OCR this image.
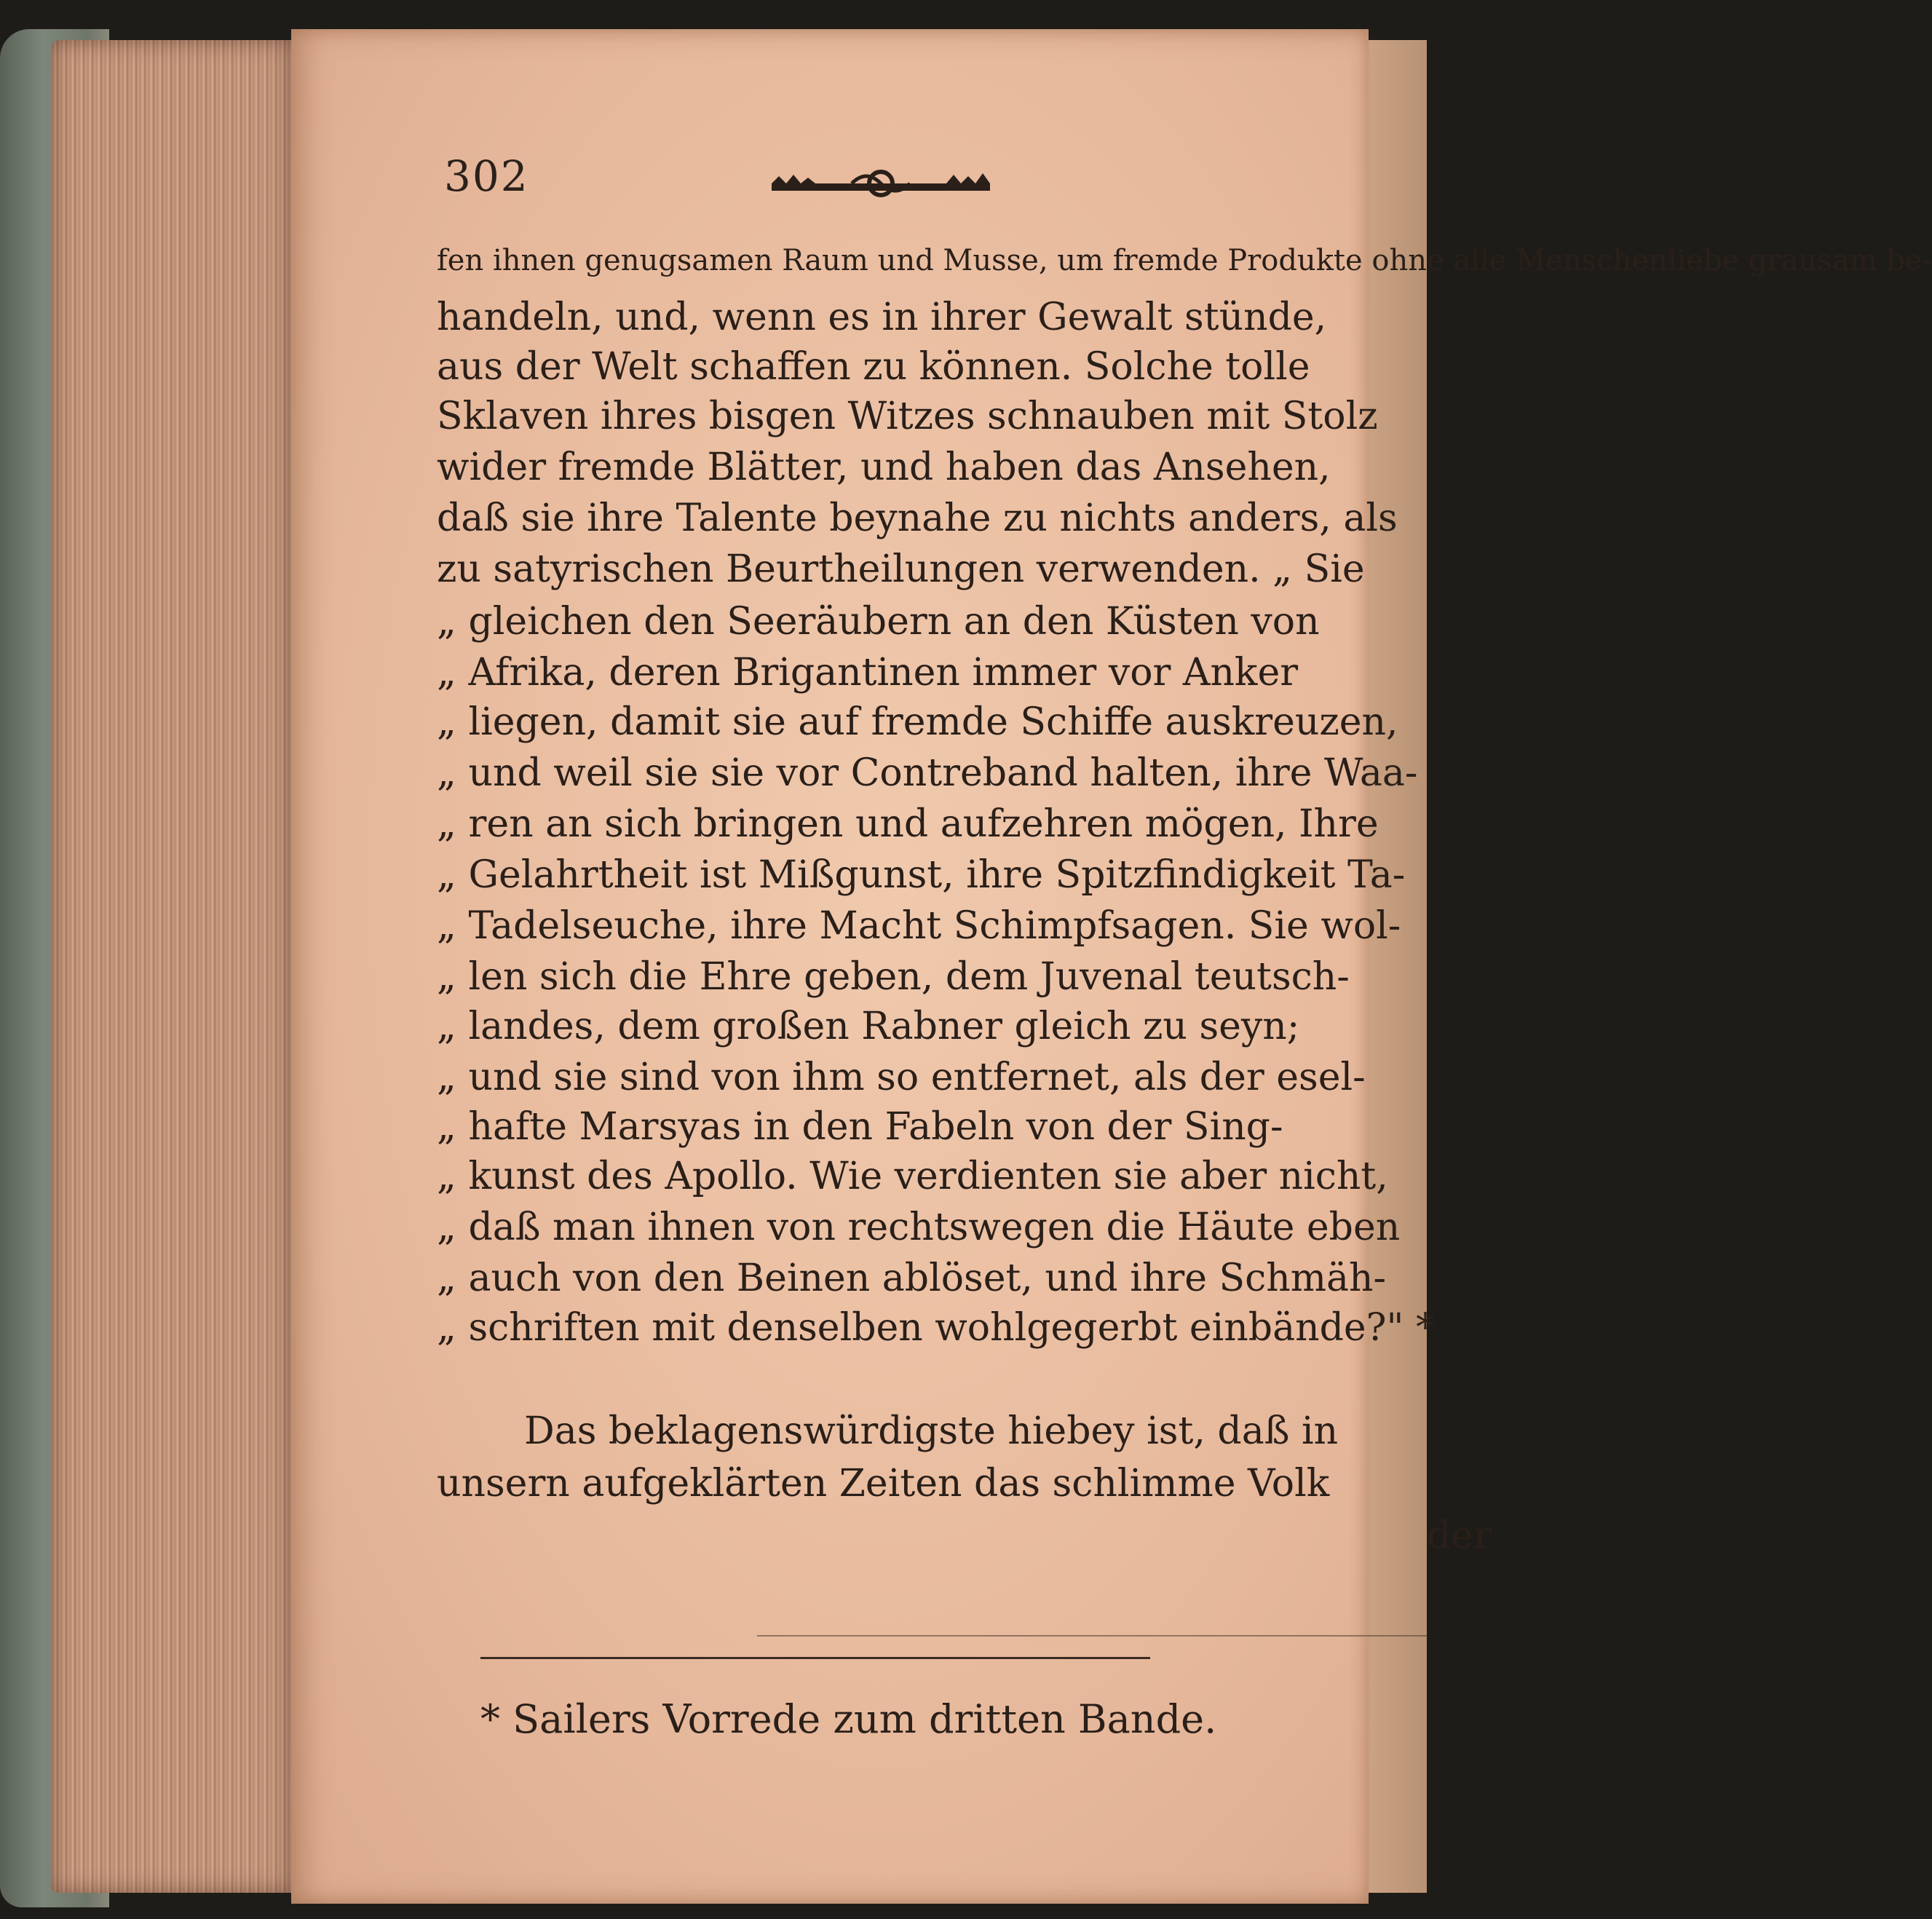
302
fen ihnen genugsamen Raum und Musse, um fremde Produkte ohne alle Menschenliebe grausam be-
handeln, und, wenn es in ihrer Gewalt stünde,
aus der Welt schaffen zu können. Solche tolle
Sklaven ihres bisgen Witzes schnauben mit Stolz
wider fremde Blätter, und haben das Ansehen,
daß sie ihre Talente beynahe zu nichts anders, als
zu satyrischen Beurtheilungen verwenden. „ Sie
„ gleichen den Seeräubern an den Küsten von
„ Afrika, deren Brigantinen immer vor Anker
„ liegen, damit sie auf fremde Schiffe auskreuzen,
„ und weil sie sie vor Contreband halten, ihre Waa-
„ ren an sich bringen und aufzehren mögen, Ihre
„ Gelahrtheit ist Mißgunst, ihre Spitzfindigkeit Ta-
„ Tadelseuche, ihre Macht Schimpfsagen. Sie wol-
„ len sich die Ehre geben, dem Juvenal teutsch-
„ landes, dem großen Rabner gleich zu seyn;
„ und sie sind von ihm so entfernet, als der esel-
„ hafte Marsyas in den Fabeln von der Sing-
„ kunst des Apollo. Wie verdienten sie aber nicht,
„ daß man ihnen von rechtswegen die Häute eben
„ auch von den Beinen ablöset, und ihre Schmäh-
„ schriften mit denselben wohlgegerbt einbände?" *
Das beklagenswürdigste hiebey ist, daß in
unsern aufgeklärten Zeiten das schlimme Volk
der
* Sailers Vorrede zum dritten Bande.
